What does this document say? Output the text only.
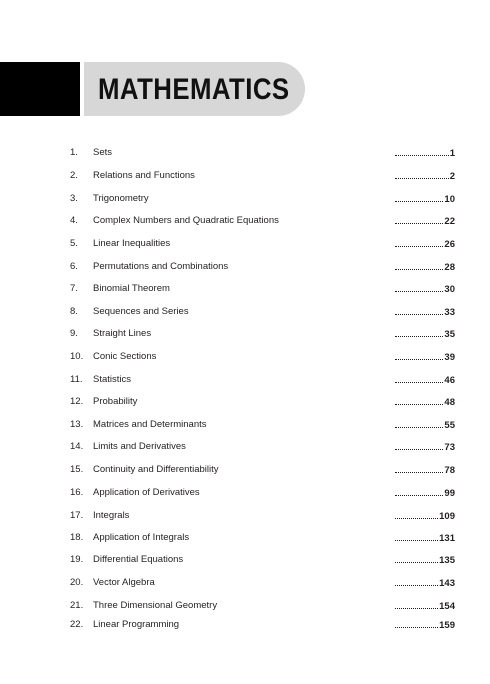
MATHEMATICS
1.	Sets	1
2.	Relations and Functions	2
3.	Trigonometry	10
4.	Complex Numbers and Quadratic Equations	22
5.	Linear Inequalities	26
6.	Permutations and Combinations	28
7.	Binomial Theorem	30
8.	Sequences and Series	33
9.	Straight Lines	35
10.	Conic Sections	39
11.	Statistics	46
12.	Probability	48
13.	Matrices and Determinants	55
14.	Limits and Derivatives	73
15.	Continuity and Differentiability	78
16.	Application of Derivatives	99
17.	Integrals	109
18.	Application of Integrals	131
19.	Differential Equations	135
20.	Vector Algebra	143
21.	Three Dimensional Geometry	154
22.	Linear Programming	159
